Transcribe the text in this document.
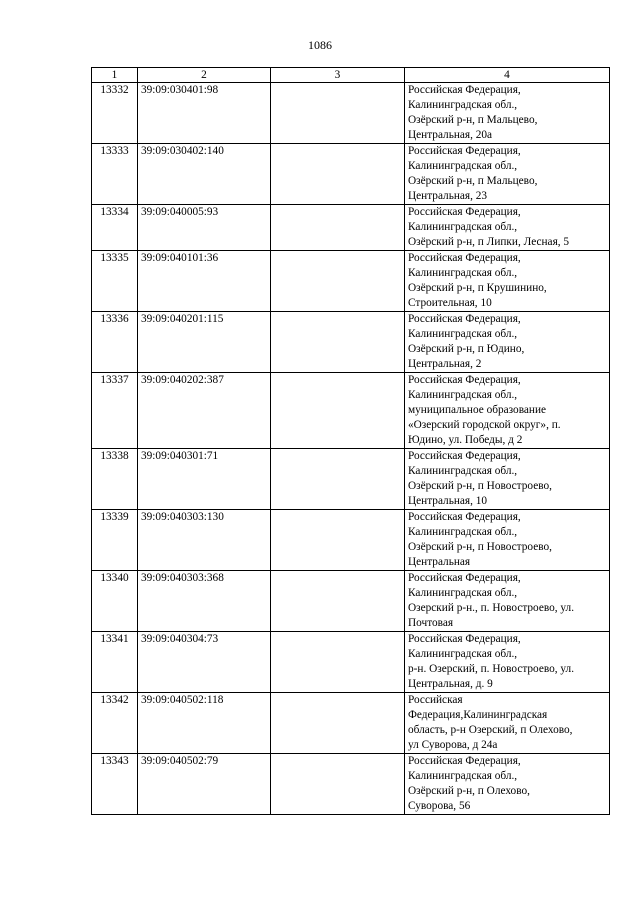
1086
1	2	3	4
13332	39:09:030401:98		Российская Федерация,
Калининградская обл.,
Озёрский р-н, п Мальцево,
Центральная, 20а

13333	39:09:030402:140		Российская Федерация,
Калининградская обл.,
Озёрский р-н, п Мальцево,
Центральная, 23

13334	39:09:040005:93		Российская Федерация,
Калининградская обл.,
Озёрский р-н, п Липки, Лесная, 5

13335	39:09:040101:36		Российская Федерация,
Калининградская обл.,
Озёрский р-н, п Крушинино,
Строительная, 10

13336	39:09:040201:115		Российская Федерация,
Калининградская обл.,
Озёрский р-н, п Юдино,
Центральная, 2

13337	39:09:040202:387		Российская Федерация,
Калининградская обл.,
муниципальное образование
«Озерский городской округ», п.
Юдино, ул. Победы, д 2

13338	39:09:040301:71		Российская Федерация,
Калининградская обл.,
Озёрский р-н, п Новостроево,
Центральная, 10

13339	39:09:040303:130		Российская Федерация,
Калининградская обл.,
Озёрский р-н, п Новостроево,
Центральная

13340	39:09:040303:368		Российская Федерация,
Калининградская обл.,
Озерский р-н., п. Новостроево, ул.
Почтовая

13341	39:09:040304:73		Российская Федерация,
Калининградская обл.,
р-н. Озерский, п. Новостроево, ул.
Центральная, д. 9

13342	39:09:040502:118		Российская
Федерация,Калининградская
область, р-н Озерский, п Олехово,
ул Суворова, д 24а

13343	39:09:040502:79		Российская Федерация,
Калининградская обл.,
Озёрский р-н, п Олехово,
Суворова, 56
